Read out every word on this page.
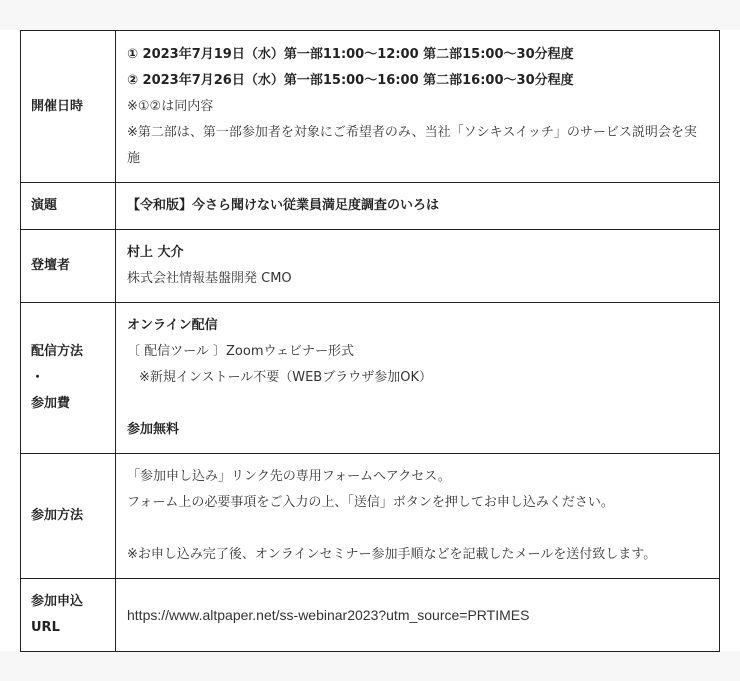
開催日時	① 2023年7月19日（水）第一部11:00～12:00 第二部15:00～30分程度
② 2023年7月26日（水）第一部15:00～16:00 第二部16:00～30分程度
※①②は同内容
※第二部は、第一部参加者を対象にご希望者のみ、当社「ソシキスイッチ」のサービス説明会を実施

演題	【令和版】今さら聞けない従業員満足度調査のいろは

登壇者	村上 大介
株式会社情報基盤開発 CMO

配信方法
・
参加費	オンライン配信
〔 配信ツール 〕Zoomウェビナー形式
※新規インストール不要（WEBブラウザ参加OK）
参加無料

参加方法	「参加申し込み」リンク先の専用フォームへアクセス。
フォーム上の必要事項をご入力の上、「送信」ボタンを押してお申し込みください。
※お申し込み完了後、オンラインセミナー参加手順などを記載したメールを送付致します。

参加申込
URL	https://www.altpaper.net/ss-webinar2023?utm_source=PRTIMES
